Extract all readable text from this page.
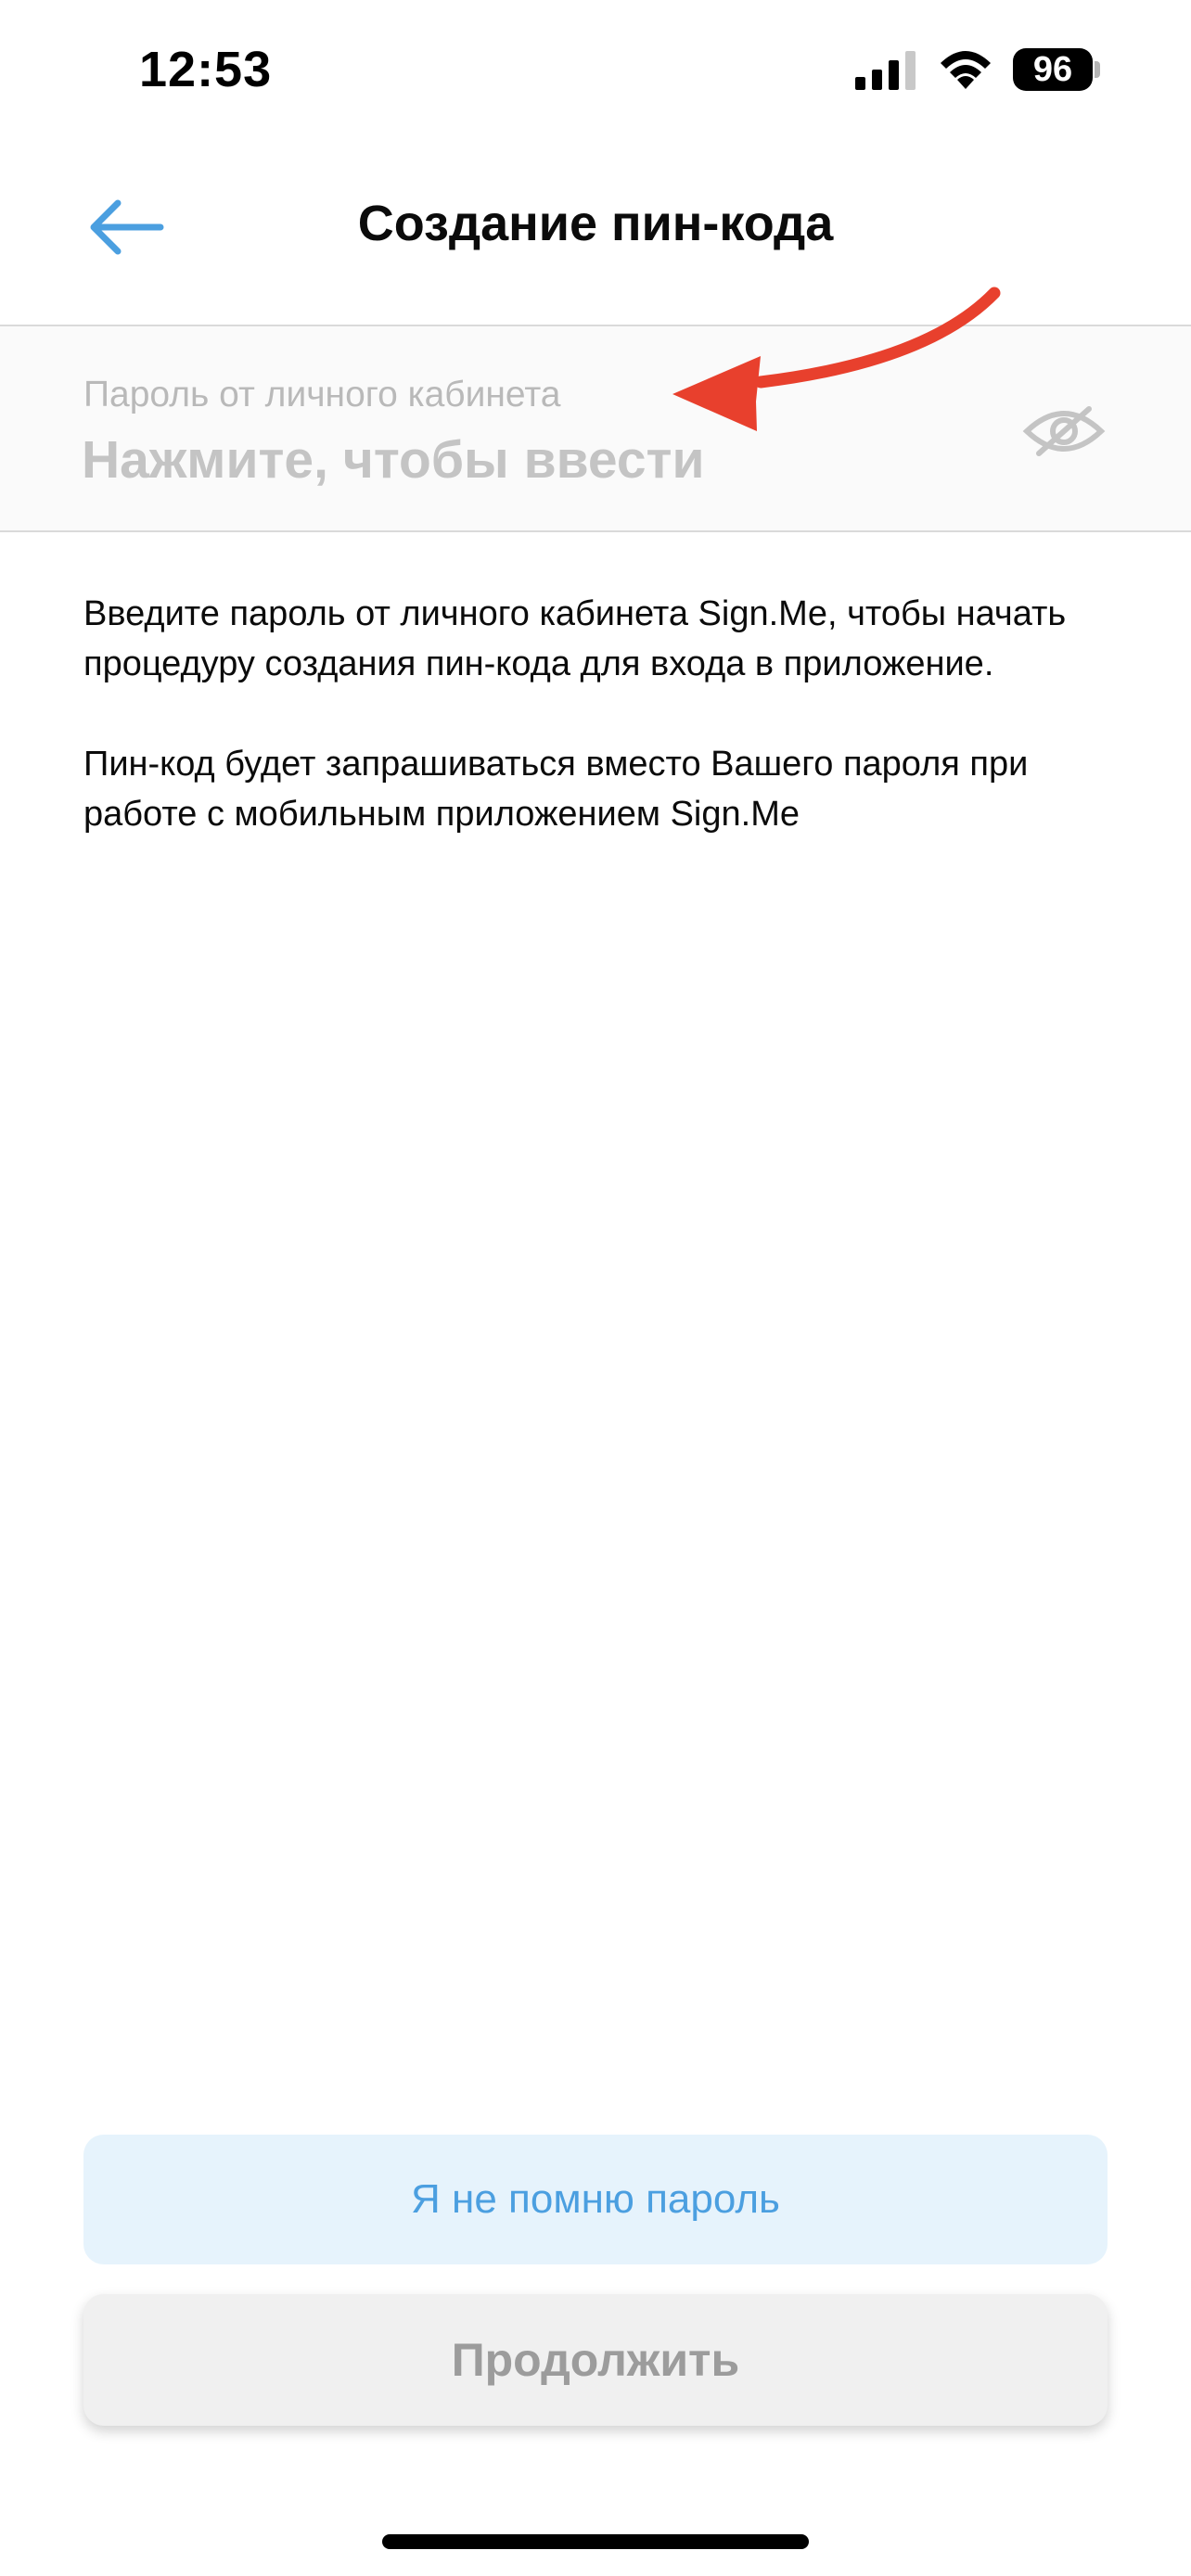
12:53	96
Создание пин-кода
Пароль от личного кабинета

Введите пароль от личного кабинета Sign.Me, чтобы начать процедуру создания пин-кода для входа в приложение.

Пин-код будет запрашиваться вместо Вашего пароля при работе с мобильным приложением Sign.Me

Я не помню пароль
Продолжить
